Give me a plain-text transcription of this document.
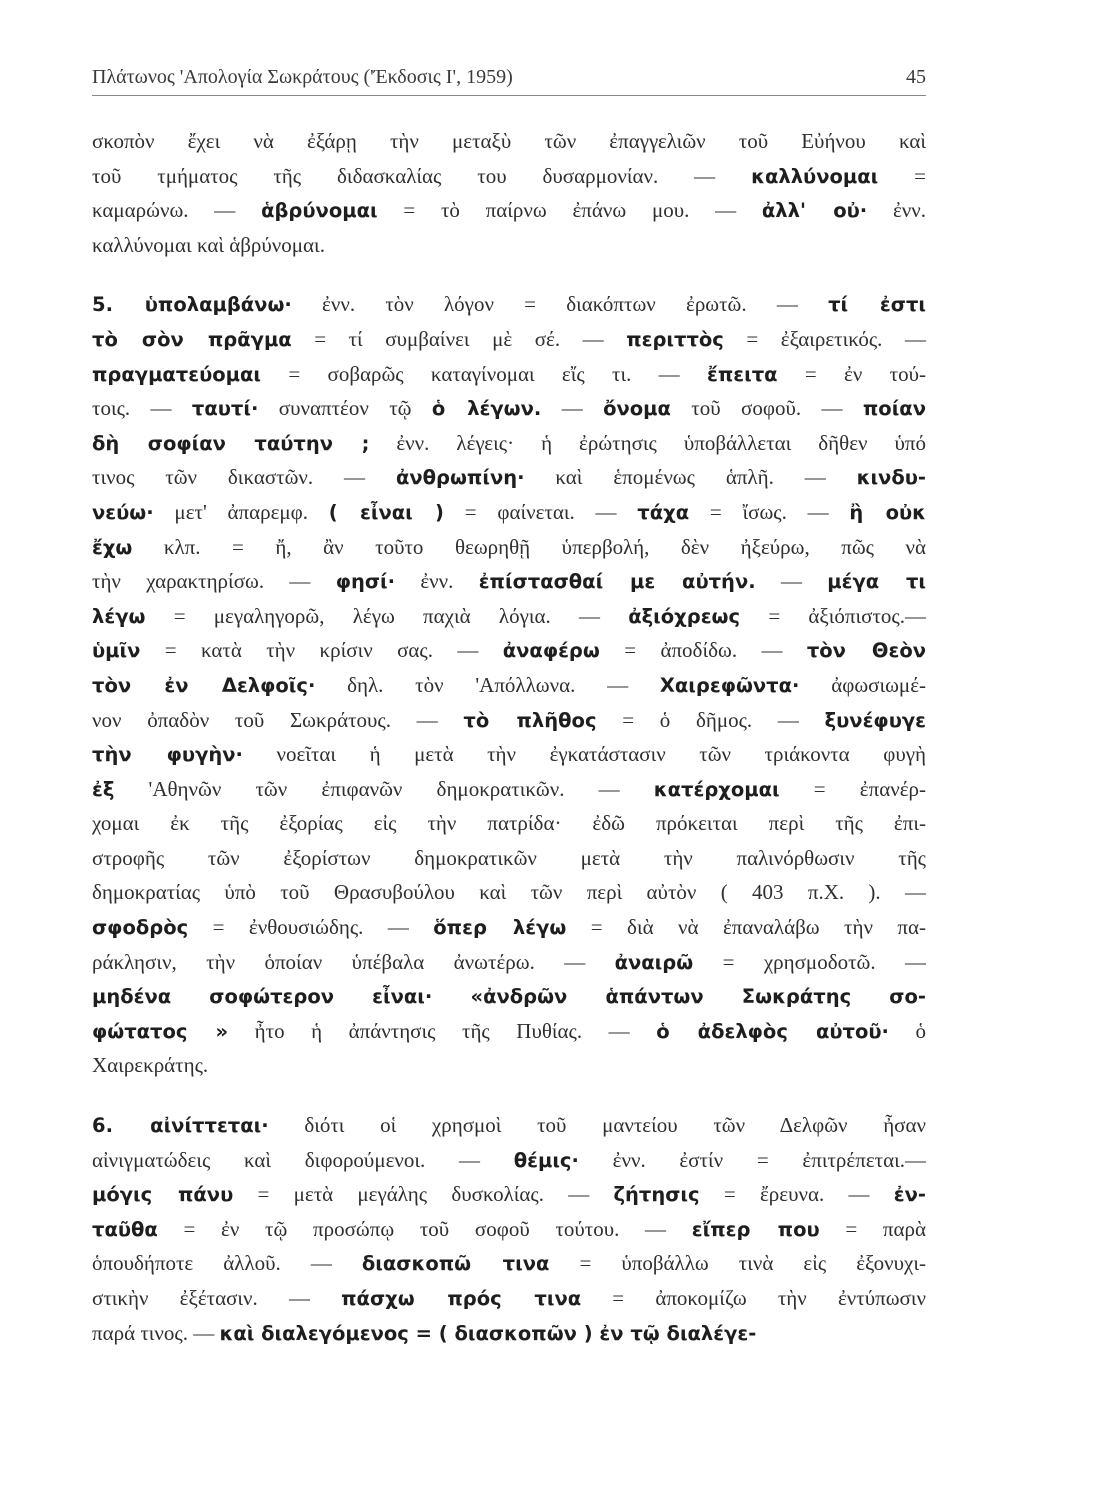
Πλάτωνος 'Απολογία Σωκράτους ('Έκδοσις Ι', 1959)	45
σκοπὸν ἔχει νὰ ἐξάρῃ τὴν μεταξὺ τῶν ἐπαγγελιῶν τοῦ Εὐήνου καὶ
τοῦ τμήματος τῆς διδασκαλίας του δυσαρμονίαν. — καλλύνομαι =
καμαρώνω. — ἁβρύνομαι = τὸ παίρνω ἐπάνω μου. — ἀλλ' οὐ· ἐνν.
καλλύνομαι καὶ ἁβρύνομαι.
5. ὑπολαμβάνω· ἐνν. τὸν λόγον = διακόπτων ἐρωτῶ. — τί ἐστι
τὸ σὸν πρᾶγμα = τί συμβαίνει μὲ σέ. — περιττὸς = ἐξαιρετικός. —
πραγματεύομαι = σοβαρῶς καταγίνομαι εἴς τι. — ἔπειτα = ἐν τού-
τοις. — ταυτί· συναπτέον τῷ ὁ λέγων. — ὄνομα τοῦ σοφοῦ. — ποίαν
δὴ σοφίαν ταύτην ; ἐνν. λέγεις· ἡ ἐρώτησις ὑποβάλλεται δῆθεν ὑπό
τινος τῶν δικαστῶν. — ἀνθρωπίνη· καὶ ἑπομένως ἁπλῆ. — κινδυ-
νεύω· μετ' ἀπαρεμφ. ( εἶναι ) = φαίνεται. — τάχα = ἴσως. — ἢ οὐκ
ἔχω κλπ. = ἤ, ἂν τοῦτο θεωρηθῇ ὑπερβολή, δὲν ἠξεύρω, πῶς νὰ
τὴν χαρακτηρίσω. — φησί· ἐνν. ἐπίστασθαί με αὐτήν. — μέγα τι
λέγω = μεγαληγορῶ, λέγω παχιὰ λόγια. — ἀξιόχρεως = ἀξιόπιστος.—
ὑμῖν = κατὰ τὴν κρίσιν σας. — ἀναφέρω = ἀποδίδω. — τὸν Θεὸν
τὸν ἐν Δελφοῖς· δηλ. τὸν 'Απόλλωνα. — Χαιρεφῶντα· ἀφωσιωμέ-
νον ὀπαδὸν τοῦ Σωκράτους. — τὸ πλῆθος = ὁ δῆμος. — ξυνέφυγε
τὴν φυγὴν· νοεῖται ἡ μετὰ τὴν ἐγκατάστασιν τῶν τριάκοντα φυγὴ
ἐξ 'Αθηνῶν τῶν ἐπιφανῶν δημοκρατικῶν. — κατέρχομαι = ἐπανέρ-
χομαι ἐκ τῆς ἐξορίας εἰς τὴν πατρίδα· ἐδῶ πρόκειται περὶ τῆς ἐπι-
στροφῆς τῶν ἐξορίστων δημοκρατικῶν μετὰ τὴν παλινόρθωσιν τῆς
δημοκρατίας ὑπὸ τοῦ Θρασυβούλου καὶ τῶν περὶ αὐτὸν ( 403 π.Χ. ). —
σφοδρὸς = ἐνθουσιώδης. — ὅπερ λέγω = διὰ νὰ ἐπαναλάβω τὴν πα-
ράκλησιν, τὴν ὁποίαν ὑπέβαλα ἀνωτέρω. — ἀναιρῶ = χρησμοδοτῶ. —
μηδένα σοφώτερον εἶναι· «ἀνδρῶν ἁπάντων Σωκράτης σο-
φώτατος » ἦτο ἡ ἀπάντησις τῆς Πυθίας. — ὁ ἀδελφὸς αὐτοῦ· ὁ
Χαιρεκράτης.
6. αἰνίττεται· διότι οἱ χρησμοὶ τοῦ μαντείου τῶν Δελφῶν ἦσαν
αἰνιγματώδεις καὶ διφορούμενοι. — θέμις· ἐνν. ἐστίν = ἐπιτρέπεται.—
μόγις πάνυ = μετὰ μεγάλης δυσκολίας. — ζήτησις = ἔρευνα. — ἐν-
ταῦθα = ἐν τῷ προσώπῳ τοῦ σοφοῦ τούτου. — εἴπερ που = παρὰ
ὁπουδήποτε ἀλλοῦ. — διασκοπῶ τινα = ὑποβάλλω τινὰ εἰς ἐξονυχι-
στικὴν ἐξέτασιν. — πάσχω πρός τινα = ἀποκομίζω τὴν ἐντύπωσιν
παρά τινος. — καὶ διαλεγόμενος = ( διασκοπῶν ) ἐν τῷ διαλέγε-
